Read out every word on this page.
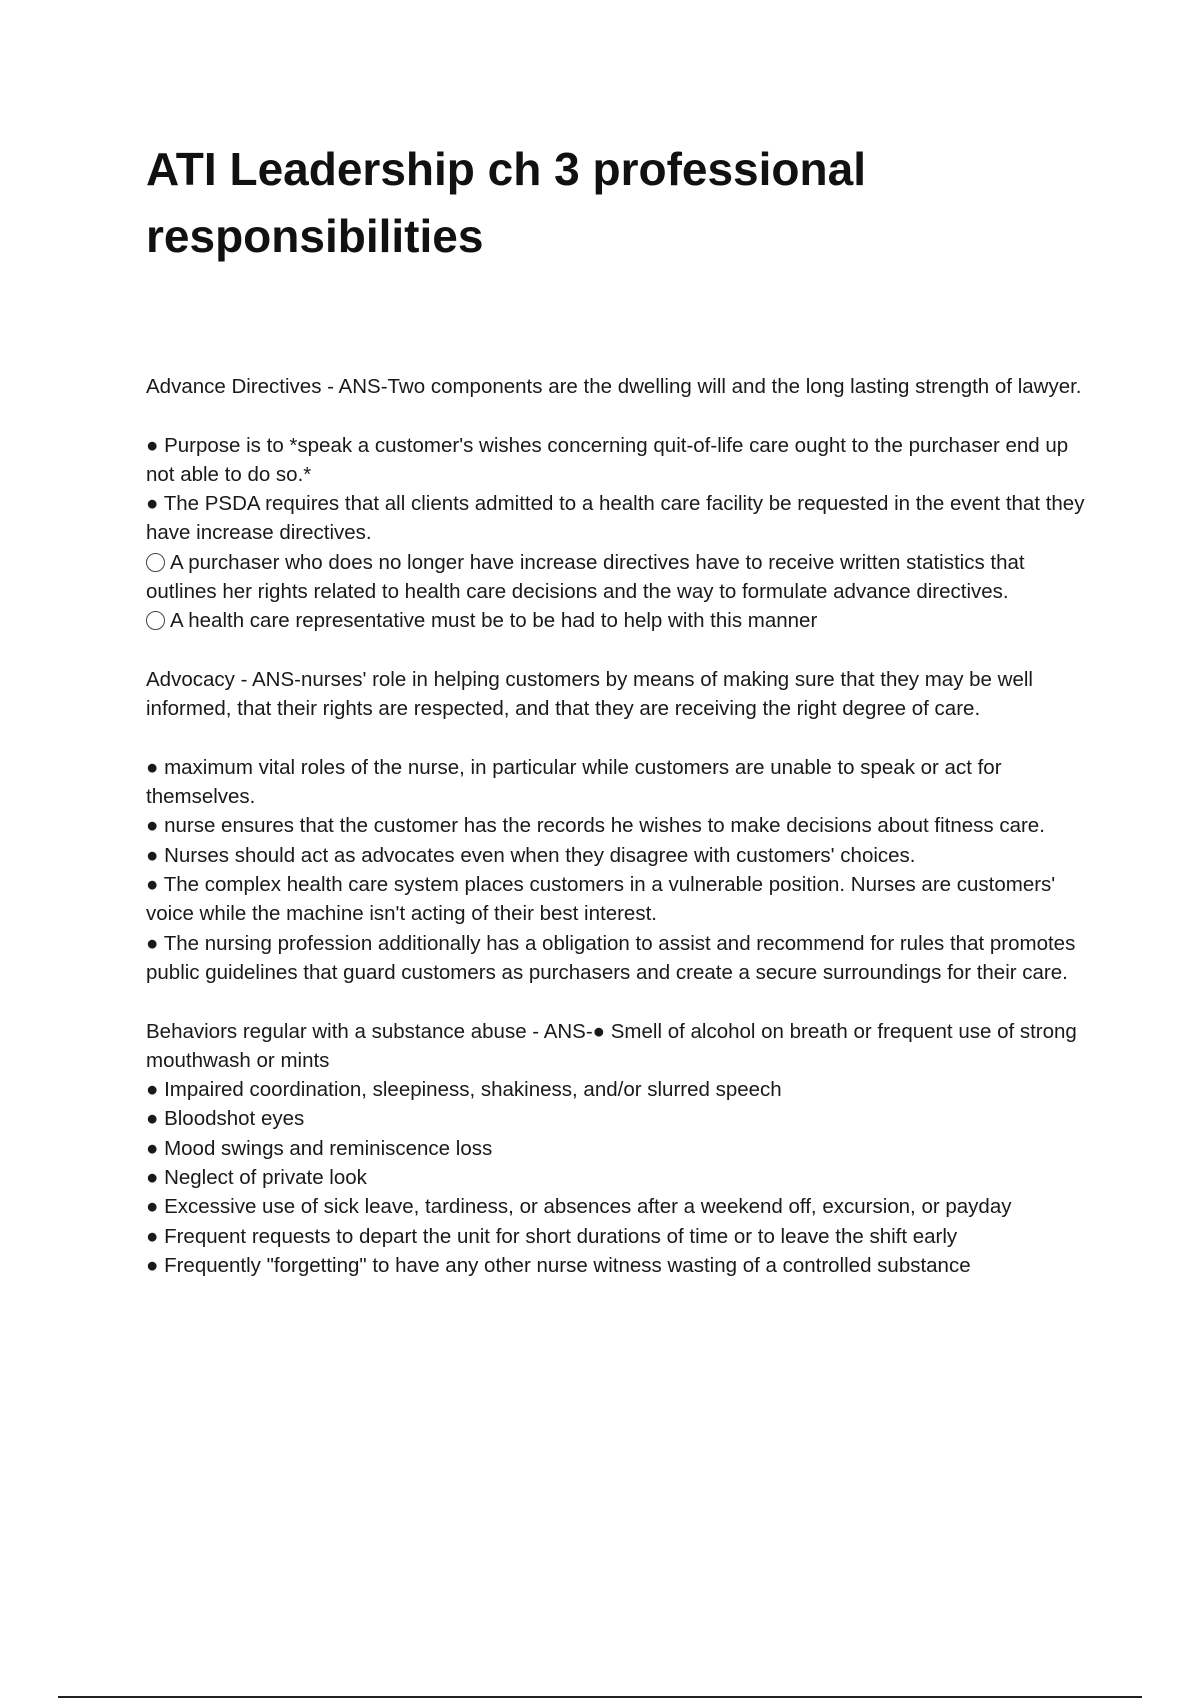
ATI Leadership ch 3 professional responsibilities

Advance Directives - ANS-Two components are the dwelling will and the long lasting strength of lawyer.

● Purpose is to *speak a customer's wishes concerning quit-of-life care ought to the purchaser end up not able to do so.*

● The PSDA requires that all clients admitted to a health care facility be requested in the event that they have increase directives.

A purchaser who does no longer have increase directives have to receive written statistics that outlines her rights related to health care decisions and the way to formulate advance directives.

A health care representative must be to be had to help with this manner

Advocacy - ANS-nurses' role in helping customers by means of making sure that they may be well informed, that their rights are respected, and that they are receiving the right degree of care.

● maximum vital roles of the nurse, in particular while customers are unable to speak or act for themselves.

● nurse ensures that the customer has the records he wishes to make decisions about fitness care.

● Nurses should act as advocates even when they disagree with customers' choices.

● The complex health care system places customers in a vulnerable position. Nurses are customers' voice while the machine isn't acting of their best interest.

● The nursing profession additionally has a obligation to assist and recommend for rules that promotes public guidelines that guard customers as purchasers and create a secure surroundings for their care.

Behaviors regular with a substance abuse - ANS-● Smell of alcohol on breath or frequent use of strong mouthwash or mints

● Impaired coordination, sleepiness, shakiness, and/or slurred speech

● Bloodshot eyes

● Mood swings and reminiscence loss

● Neglect of private look

● Excessive use of sick leave, tardiness, or absences after a weekend off, excursion, or payday

● Frequent requests to depart the unit for short durations of time or to leave the shift early

● Frequently "forgetting" to have any other nurse witness wasting of a controlled substance
